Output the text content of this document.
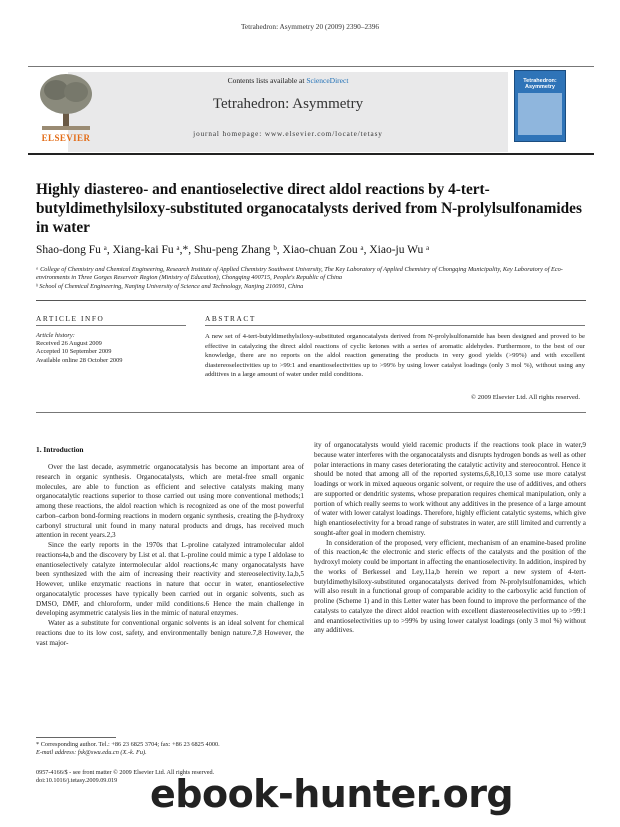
Tetrahedron: Asymmetry 20 (2009) 2390–2396
ELSEVIER
Contents lists available at ScienceDirect
Tetrahedron: Asymmetry
journal homepage: www.elsevier.com/locate/tetasy
Tetrahedron: Asymmetry
Highly diastereo- and enantioselective direct aldol reactions by 4-tert-butyldimethylsiloxy-substituted organocatalysts derived from N-prolylsulfonamides in water
Shao-dong Fu ᵃ, Xiang-kai Fu ᵃ,*, Shu-peng Zhang ᵇ, Xiao-chuan Zou ᵃ, Xiao-ju Wu ᵃ
ᵃ College of Chemistry and Chemical Engineering, Research Institute of Applied Chemistry Southwest University, The Key Laboratory of Applied Chemistry of Chongqing Municipality, Key Laboratory of Eco-environments in Three Gorges Reservoir Region (Ministry of Education), Chongqing 400715, People's Republic of China
ᵇ School of Chemical Engineering, Nanjing University of Science and Technology, Nanjing 210091, China
ARTICLE INFO	ABSTRACT
Article history:
Received 26 August 2009
Accepted 10 September 2009
Available online 28 October 2009
A new set of 4-tert-butyldimethylsiloxy-substituted organocatalysts derived from N-prolylsulfonamide has been designed and proved to be effective in catalyzing the direct aldol reactions of cyclic ketones with a series of aromatic aldehydes. Furthermore, to the best of our knowledge, there are no reports on the aldol reaction generating the products in very good yields (>99%) and with excellent diastereoselectivities up to >99:1 and enantioselectivities up to >99% by using lower catalyst loadings (only 3 mol %), without using any additives in a large amount of water under mild conditions.
© 2009 Elsevier Ltd. All rights reserved.
1. Introduction

Over the last decade, asymmetric organocatalysis has become an important area of research in organic synthesis. Organocatalysts, which are metal-free small organic molecules, are able to function as efficient and selective catalysts making many organocatalytic reactions superior to those carried out using more conventional methods;1 among these reactions, the aldol reaction which is recognized as one of the most powerful carbon–carbon bond-forming reactions in modern organic synthesis, creating the β-hydroxy carbonyl structural unit found in many natural products and drugs, has received much attention in recent years.2,3

Since the early reports in the 1970s that L-proline catalyzed intramolecular aldol reactions4a,b and the discovery by List et al. that L-proline could mimic a type I aldolase to enantioselectively catalyze intermolecular aldol reactions,4c many organocatalysts have been synthesized with the aim of increasing their reactivity and stereoselectivity.1a,b,5 However, unlike enzymatic reactions in nature that occur in water, enantioselective organocatalytic processes have typically been carried out in organic solvents, such as DMSO, DMF, and chloroform, under mild conditions.6 Hence the main challenge in developing asymmetric catalysis lies in the mimic of natural enzymes.

Water as a substitute for conventional organic solvents is an ideal solvent for chemical reactions due to its low cost, safety, and environmentally benign nature.7,8 However, the vast major-

ity of organocatalysts would yield racemic products if the reactions took place in water,9 because water interferes with the organocatalysts and disrupts hydrogen bonds as well as other polar interactions in many cases deteriorating the catalytic activity and stereocontrol. Hence it should be noted that among all of the reported systems,6,8,10,13 some use more catalyst loadings or work in mixed aqueous organic solvent, or require the use of additives, and others are supported or dendritic systems, whose preparation requires chemical manipulation, only a portion of which really seems to work without any additives in the presence of a large amount of water with lower catalyst loadings. Therefore, highly efficient catalytic systems, which give high enantioselectivity for a broad range of substrates in water, are still limited and currently a sought-after goal in modern chemistry.

In consideration of the proposed, very efficient, mechanism of an enamine-based proline of this reaction,4c the electronic and steric effects of the catalysts and the position of the hydroxyl moiety could be important in affecting the enantioselectivity. In addition, inspired by the works of Berkessel and Ley,11a,b herein we report a new system of 4-tert-butyldimethylsiloxy-substituted organocatalysts derived from N-prolylsulfonamides, which will also result in a functional group of comparable acidity to the carboxylic acid function of proline (Scheme 1) and in this Letter water has been found to improve the performance of the catalysts to catalyze the direct aldol reaction with excellent diastereoselectivities up to >99:1 and enantioselectivities up to >99% by using lower catalyst loadings (only 3 mol %) without any additives.

* Corresponding author. Tel.: +86 23 6825 3704; fax: +86 23 6825 4000.
E-mail address: fxk@swu.edu.cn (X.-k. Fu).
0957-4166/$ - see front matter © 2009 Elsevier Ltd. All rights reserved.
doi:10.1016/j.tetasy.2009.09.019 ebook-hunter.org
